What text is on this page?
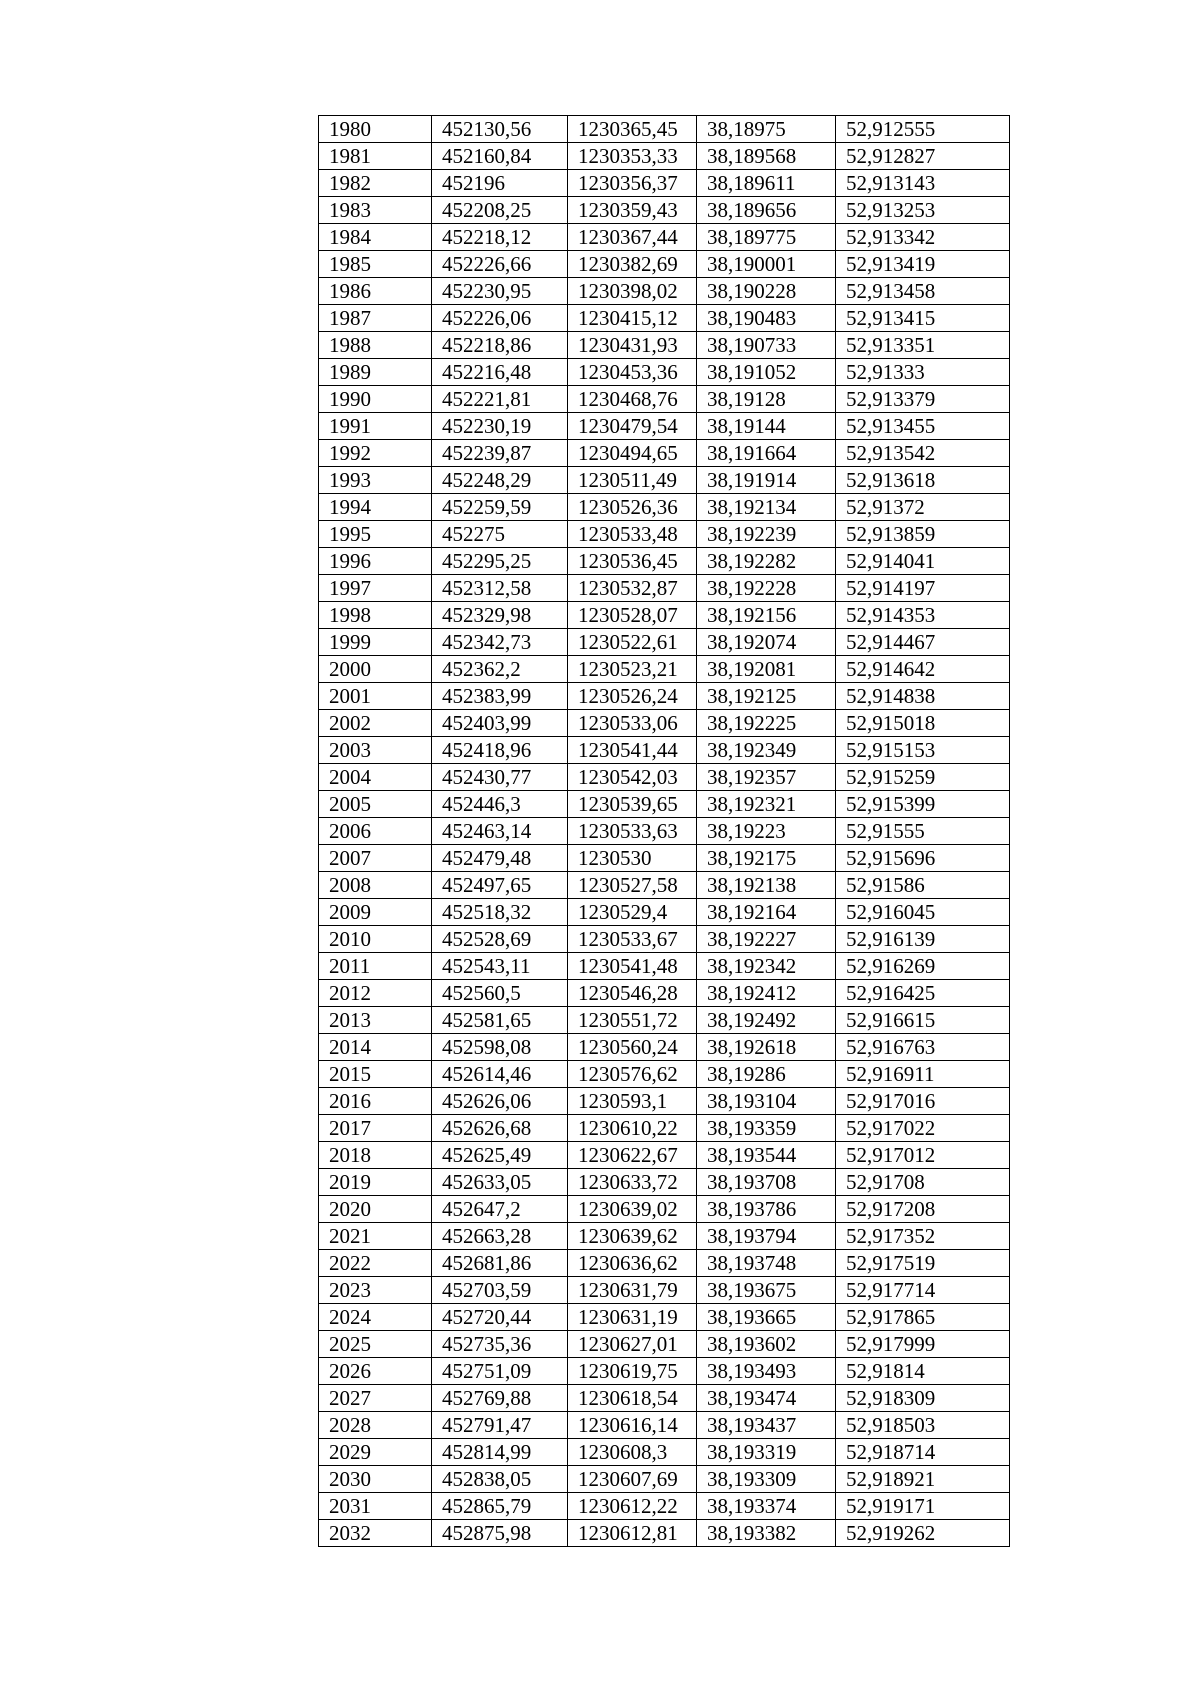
1980	452130,56	1230365,45	38,18975	52,912555
1981	452160,84	1230353,33	38,189568	52,912827
1982	452196	1230356,37	38,189611	52,913143
1983	452208,25	1230359,43	38,189656	52,913253
1984	452218,12	1230367,44	38,189775	52,913342
1985	452226,66	1230382,69	38,190001	52,913419
1986	452230,95	1230398,02	38,190228	52,913458
1987	452226,06	1230415,12	38,190483	52,913415
1988	452218,86	1230431,93	38,190733	52,913351
1989	452216,48	1230453,36	38,191052	52,91333
1990	452221,81	1230468,76	38,19128	52,913379
1991	452230,19	1230479,54	38,19144	52,913455
1992	452239,87	1230494,65	38,191664	52,913542
1993	452248,29	1230511,49	38,191914	52,913618
1994	452259,59	1230526,36	38,192134	52,91372
1995	452275	1230533,48	38,192239	52,913859
1996	452295,25	1230536,45	38,192282	52,914041
1997	452312,58	1230532,87	38,192228	52,914197
1998	452329,98	1230528,07	38,192156	52,914353
1999	452342,73	1230522,61	38,192074	52,914467
2000	452362,2	1230523,21	38,192081	52,914642
2001	452383,99	1230526,24	38,192125	52,914838
2002	452403,99	1230533,06	38,192225	52,915018
2003	452418,96	1230541,44	38,192349	52,915153
2004	452430,77	1230542,03	38,192357	52,915259
2005	452446,3	1230539,65	38,192321	52,915399
2006	452463,14	1230533,63	38,19223	52,91555
2007	452479,48	1230530	38,192175	52,915696
2008	452497,65	1230527,58	38,192138	52,91586
2009	452518,32	1230529,4	38,192164	52,916045
2010	452528,69	1230533,67	38,192227	52,916139
2011	452543,11	1230541,48	38,192342	52,916269
2012	452560,5	1230546,28	38,192412	52,916425
2013	452581,65	1230551,72	38,192492	52,916615
2014	452598,08	1230560,24	38,192618	52,916763
2015	452614,46	1230576,62	38,19286	52,916911
2016	452626,06	1230593,1	38,193104	52,917016
2017	452626,68	1230610,22	38,193359	52,917022
2018	452625,49	1230622,67	38,193544	52,917012
2019	452633,05	1230633,72	38,193708	52,91708
2020	452647,2	1230639,02	38,193786	52,917208
2021	452663,28	1230639,62	38,193794	52,917352
2022	452681,86	1230636,62	38,193748	52,917519
2023	452703,59	1230631,79	38,193675	52,917714
2024	452720,44	1230631,19	38,193665	52,917865
2025	452735,36	1230627,01	38,193602	52,917999
2026	452751,09	1230619,75	38,193493	52,91814
2027	452769,88	1230618,54	38,193474	52,918309
2028	452791,47	1230616,14	38,193437	52,918503
2029	452814,99	1230608,3	38,193319	52,918714
2030	452838,05	1230607,69	38,193309	52,918921
2031	452865,79	1230612,22	38,193374	52,919171
2032	452875,98	1230612,81	38,193382	52,919262
